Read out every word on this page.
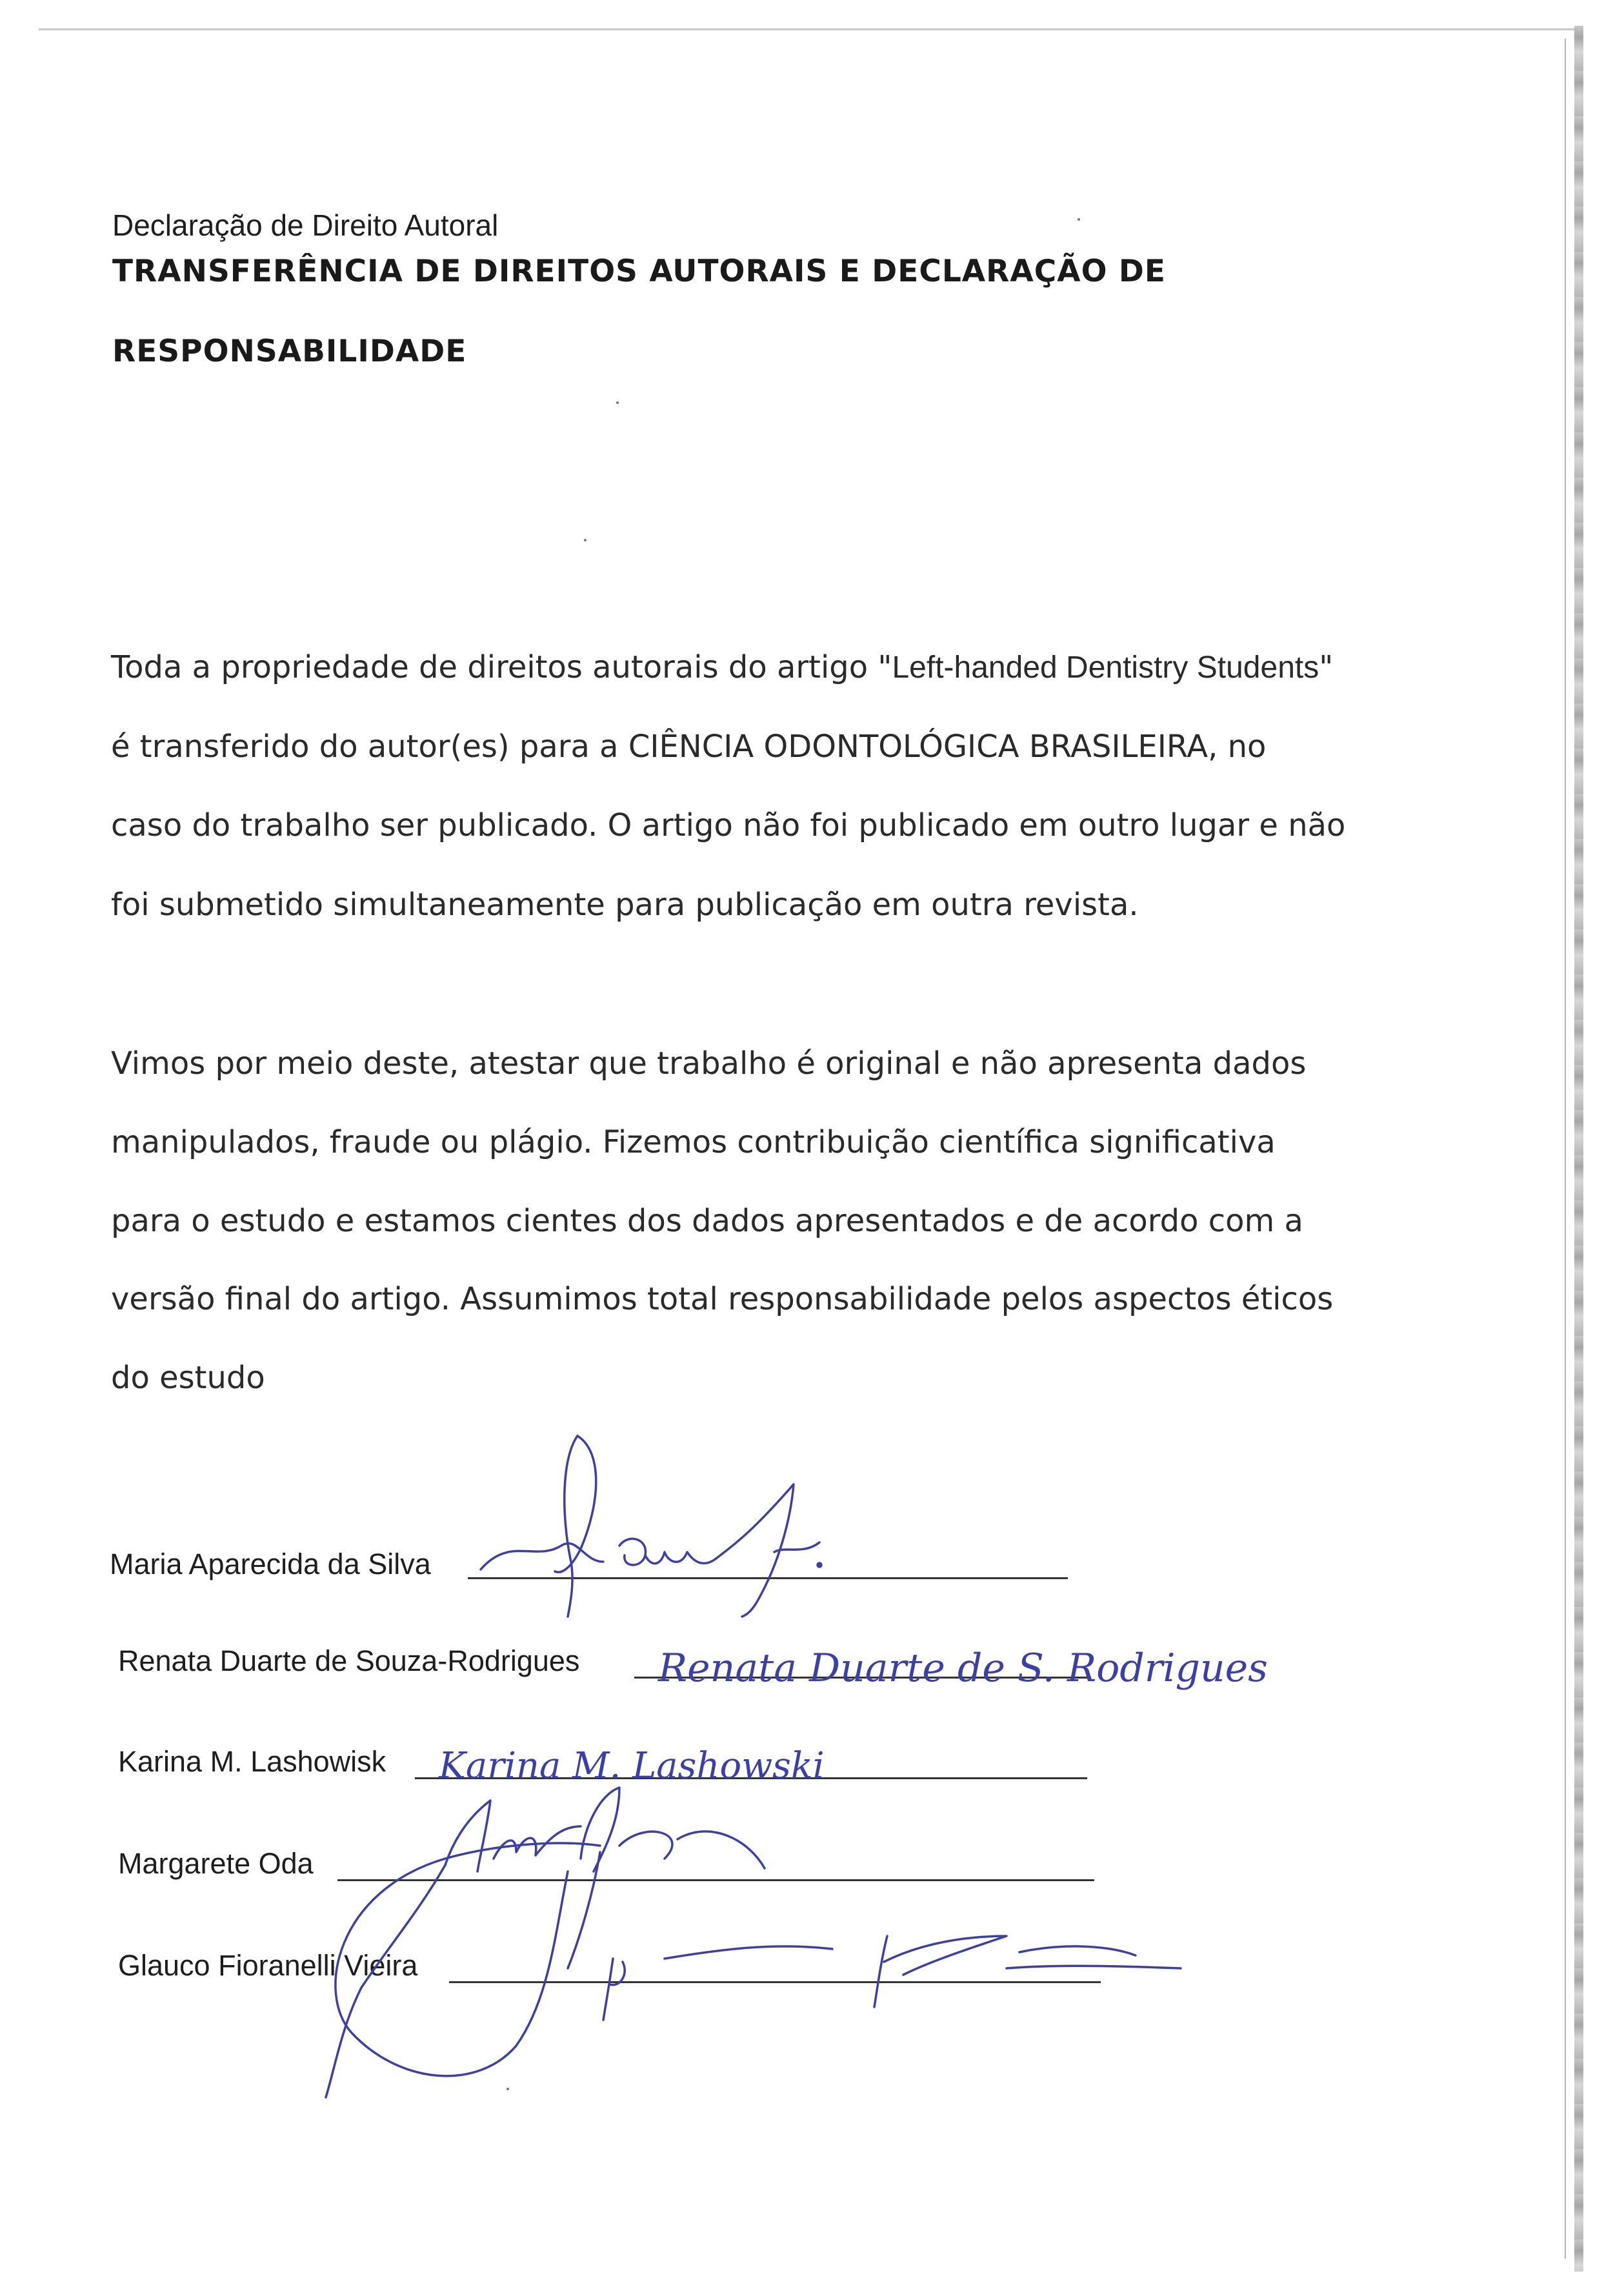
Declaração de Direito Autoral
TRANSFERÊNCIA DE DIREITOS AUTORAIS E DECLARAÇÃO DE
RESPONSABILIDADE
Toda a propriedade de direitos autorais do artigo "Left-handed Dentistry Students"
é transferido do autor(es) para a CIÊNCIA ODONTOLÓGICA BRASILEIRA, no
caso do trabalho ser publicado. O artigo não foi publicado em outro lugar e não
foi submetido simultaneamente para publicação em outra revista.
Vimos por meio deste, atestar que trabalho é original e não apresenta dados
manipulados, fraude ou plágio. Fizemos contribuição científica significativa
para o estudo e estamos cientes dos dados apresentados e de acordo com a
versão final do artigo. Assumimos total responsabilidade pelos aspectos éticos
do estudo
Maria Aparecida da Silva
Renata Duarte de Souza-Rodrigues
Karina M. Lashowisk
Margarete Oda
Glauco Fioranelli Vieira
Renata Duarte de S. Rodrigues
Karina M. Lashowski
